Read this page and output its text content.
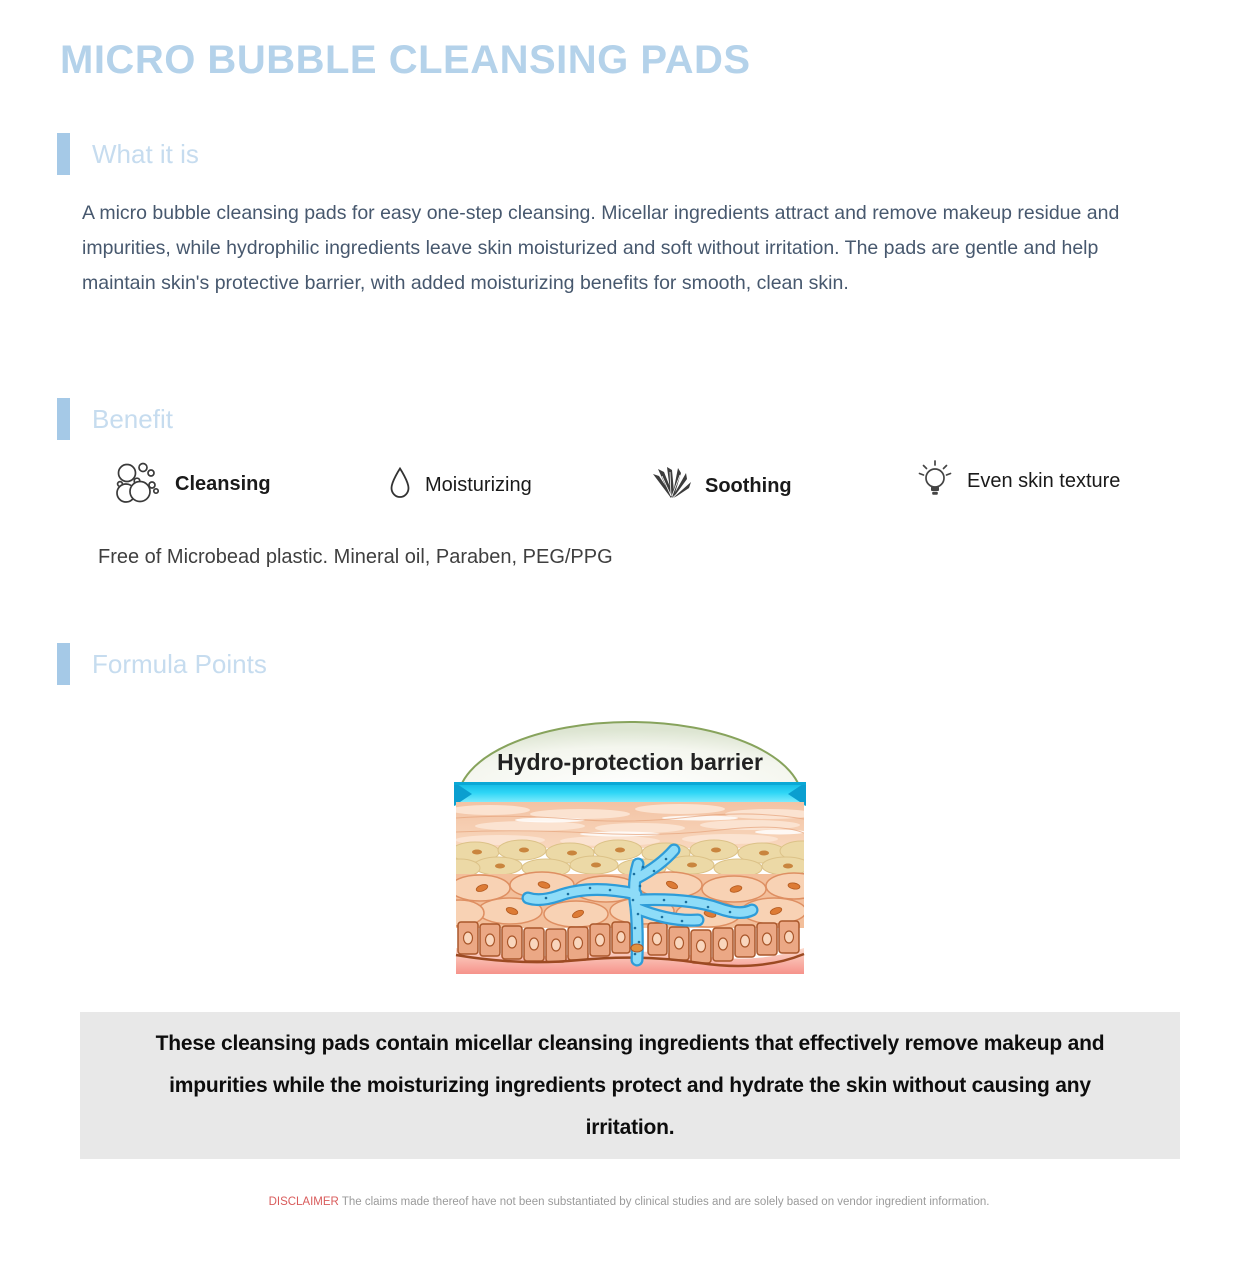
MICRO BUBBLE CLEANSING PADS
What it is
A micro bubble cleansing pads for easy one-step cleansing. Micellar ingredients attract and remove makeup residue and impurities, while hydrophilic ingredients leave skin moisturized and soft without irritation. The pads are gentle and help maintain skin's protective barrier, with added moisturizing benefits for smooth, clean skin.
Benefit
Cleansing	Moisturizing	Soothing	Even skin texture
Free of Microbead plastic. Mineral oil, Paraben, PEG/PPG
Formula Points
Hydro-protection barrier
These cleansing pads contain micellar cleansing ingredients that effectively remove makeup and impurities while the moisturizing ingredients protect and hydrate the skin without causing any irritation.
DISCLAIMER The claims made thereof have not been substantiated by clinical studies and are solely based on vendor ingredient information.
